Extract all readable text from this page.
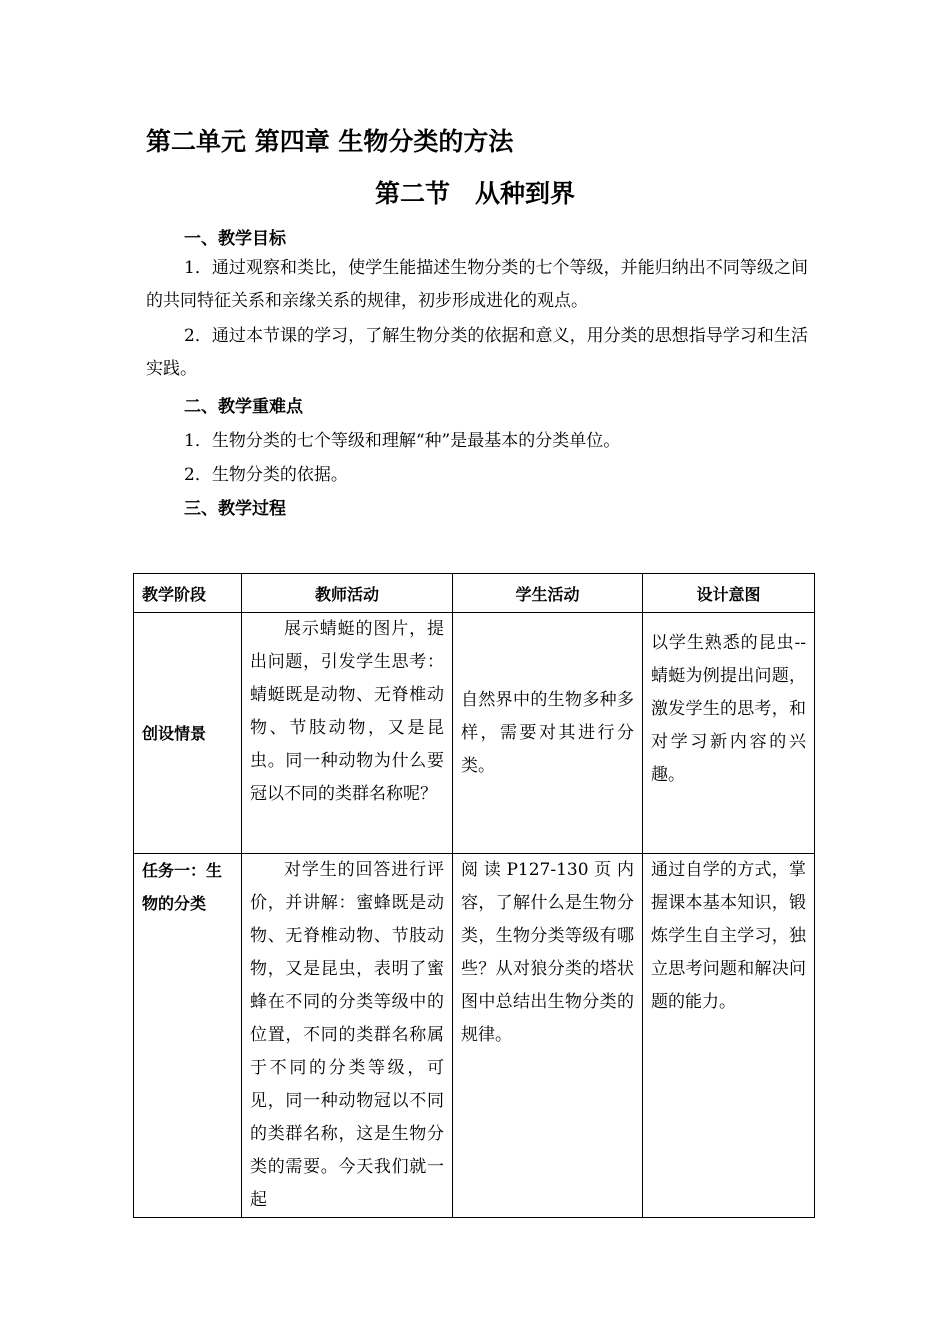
第二单元 第四章 生物分类的方法
第二节　从种到界
一、教学目标
1．通过观察和类比，使学生能描述生物分类的七个等级，并能归纳出不同等级之间的共同特征关系和亲缘关系的规律，初步形成进化的观点。
2．通过本节课的学习，了解生物分类的依据和意义，用分类的思想指导学习和生活实践。
二、教学重难点
1．生物分类的七个等级和理解“种”是最基本的分类单位。
2．生物分类的依据。
三、教学过程
教学阶段	教师活动	学生活动	设计意图
创设情景	展示蜻蜓的图片，提出问题，引发学生思考：蜻蜓既是动物、无脊椎动物、节肢动物，又是昆虫。同一种动物为什么要冠以不同的类群名称呢？	自然界中的生物多种多样，需要对其进行分类。	以学生熟悉的昆虫--蜻蜓为例提出问题，激发学生的思考，和对学习新内容的兴趣。
任务一：生物的分类	对学生的回答进行评价，并讲解：蜜蜂既是动物、无脊椎动物、节肢动物，又是昆虫，表明了蜜蜂在不同的分类等级中的位置，不同的类群名称属于不同的分类等级，可见，同一种动物冠以不同的类群名称，这是生物分类的需要。今天我们就一起	阅读P127-130页内容，了解什么是生物分类，生物分类等级有哪些？从对狼分类的塔状图中总结出生物分类的规律。	通过自学的方式，掌握课本基本知识，锻炼学生自主学习，独立思考问题和解决问题的能力。
